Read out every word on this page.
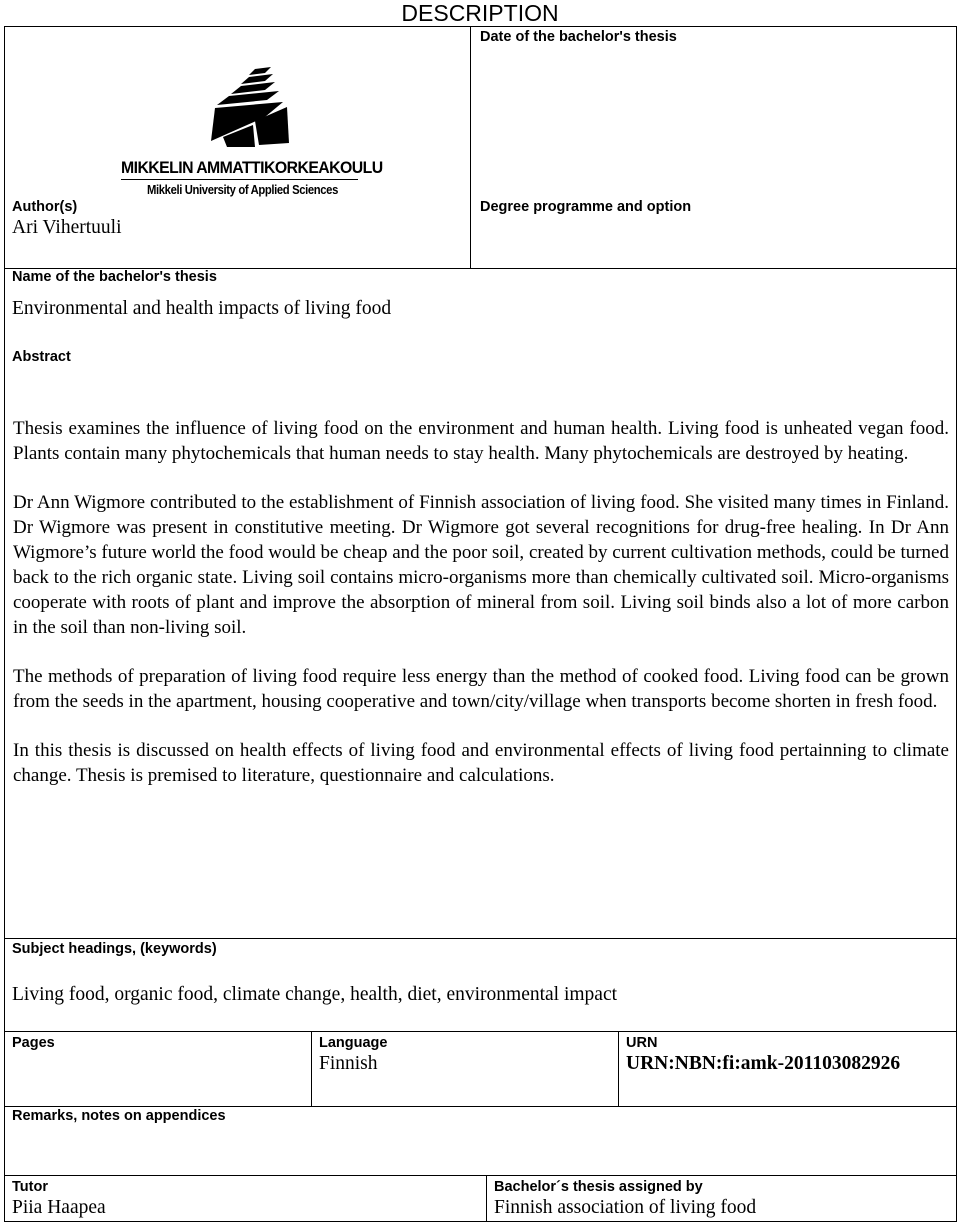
DESCRIPTION
MIKKELIN AMMATTIKORKEAKOULU
Mikkeli University of Applied Sciences
Date of the bachelor's thesis
Author(s)
Ari Vihertuuli
Degree programme and option
Name of the bachelor's thesis
Environmental and health impacts of living food
Abstract

Thesis examines the influence of living food on the environment and human health. Living food is unheated vegan food. Plants contain many phytochemicals that human needs to stay health. Many phytochemicals are destroyed by heating.

Dr Ann Wigmore contributed to the establishment of Finnish association of living food. She visited many times in Finland. Dr Wigmore was present in constitutive meeting. Dr Wigmore got several recognitions for drug-free healing. In Dr Ann Wigmore’s future world the food would be cheap and the poor soil, created by current cultivation methods, could be turned back to the rich organic state. Living soil contains micro-organisms more than chemically cultivated soil. Micro-organisms cooperate with roots of plant and improve the absorption of mineral from soil. Living soil binds also a lot of more carbon in the soil than non-living soil.

The methods of preparation of living food require less energy than the method of cooked food. Living food can be grown from the seeds in the apartment, housing cooperative and town/city/village when transports become shorten in fresh food.

In this thesis is discussed on health effects of living food and environmental effects of living food pertainning to climate change. Thesis is premised to literature, questionnaire and calculations.

Subject headings, (keywords)
Living food, organic food, climate change, health, diet, environmental impact
Pages	Language
Finnish
URN
URN:NBN:fi:amk-201103082926
Remarks, notes on appendices
Tutor
Piia Haapea
Bachelor´s thesis assigned by
Finnish association of living food
